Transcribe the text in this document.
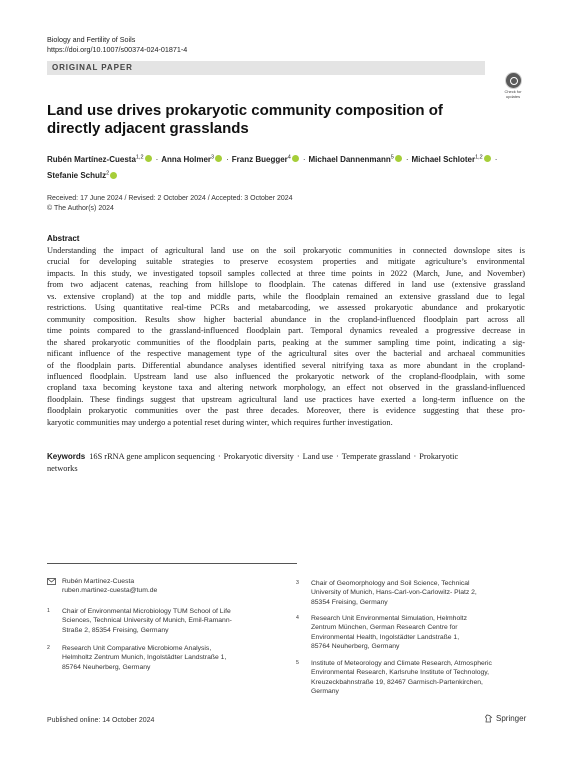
Biology and Fertility of Soils
https://doi.org/10.1007/s00374-024-01871-4
ORIGINAL PAPER
Check for
updates
Land use drives prokaryotic community composition of directly adjacent grasslands
Rubén Martínez‑Cuesta$^{1,2}$ · Anna Holmer$^3$ · Franz Buegger$^4$ · Michael Dannenmann$^5$ · Michael Schloter$^{1,2}$ ·
Stefanie Schulz$^2$
Received: 17 June 2024 / Revised: 2 October 2024 / Accepted: 3 October 2024
© The Author(s) 2024
Abstract
Understanding the impact of agricultural land use on the soil prokaryotic communities in connected downslope sites is
crucial for developing suitable strategies to preserve ecosystem properties and mitigate agriculture’s environmental
impacts. In this study, we investigated topsoil samples collected at three time points in 2022 (March, June, and November)
from two adjacent catenas, reaching from hillslope to floodplain. The catenas differed in land use (extensive grassland
vs. extensive cropland) at the top and middle parts, while the floodplain remained an extensive grassland due to legal
restrictions. Using quantitative real-time PCRs and metabarcoding, we assessed prokaryotic abundance and prokaryotic
community composition. Results show higher bacterial abundance in the cropland-influenced floodplain part across all
time points compared to the grassland-influenced floodplain part. Temporal dynamics revealed a progressive decrease in
the shared prokaryotic communities of the floodplain parts, peaking at the summer sampling time point, indicating a sig-
nificant influence of the respective management type of the agricultural sites over the bacterial and archaeal communities
of the floodplain parts. Differential abundance analyses identified several nitrifying taxa as more abundant in the cropland-
influenced floodplain. Upstream land use also influenced the prokaryotic network of the cropland-floodplain, with some
cropland taxa becoming keystone taxa and altering network morphology, an effect not observed in the grassland-influenced
floodplain. These findings suggest that upstream agricultural land use practices have exerted a long-term influence on the
floodplain prokaryotic communities over the past three decades. Moreover, there is evidence suggesting that these pro-
karyotic communities may undergo a potential reset during winter, which requires further investigation.
Keywords 16S rRNA gene amplicon sequencing · Prokaryotic diversity · Land use · Temperate grassland · Prokaryotic
networks
Rubén Martínez-Cuesta
ruben.martinez-cuesta@tum.de
1 Chair of Environmental Microbiology TUM School of Life
Sciences, Technical University of Munich, Emil-Ramann-
Straße 2, 85354 Freising, Germany
2 Research Unit Comparative Microbiome Analysis,
Helmholtz Zentrum Munich, Ingolstädter Landstraße 1,
85764 Neuherberg, Germany
3 Chair of Geomorphology and Soil Science, Technical
University of Munich, Hans-Carl-von-Carlowitz- Platz 2,
85354 Freising, Germany
4 Research Unit Environmental Simulation, Helmholtz
Zentrum München, German Research Centre for
Environmental Health, Ingolstädter Landstraße 1,
85764 Neuherberg, Germany
5 Institute of Meteorology and Climate Research, Atmospheric
Environmental Research, Karlsruhe Institute of Technology,
Kreuzeckbahnstraße 19, 82467 Garmisch-Partenkirchen,
Germany
Published online: 14 October 2024	Springer
